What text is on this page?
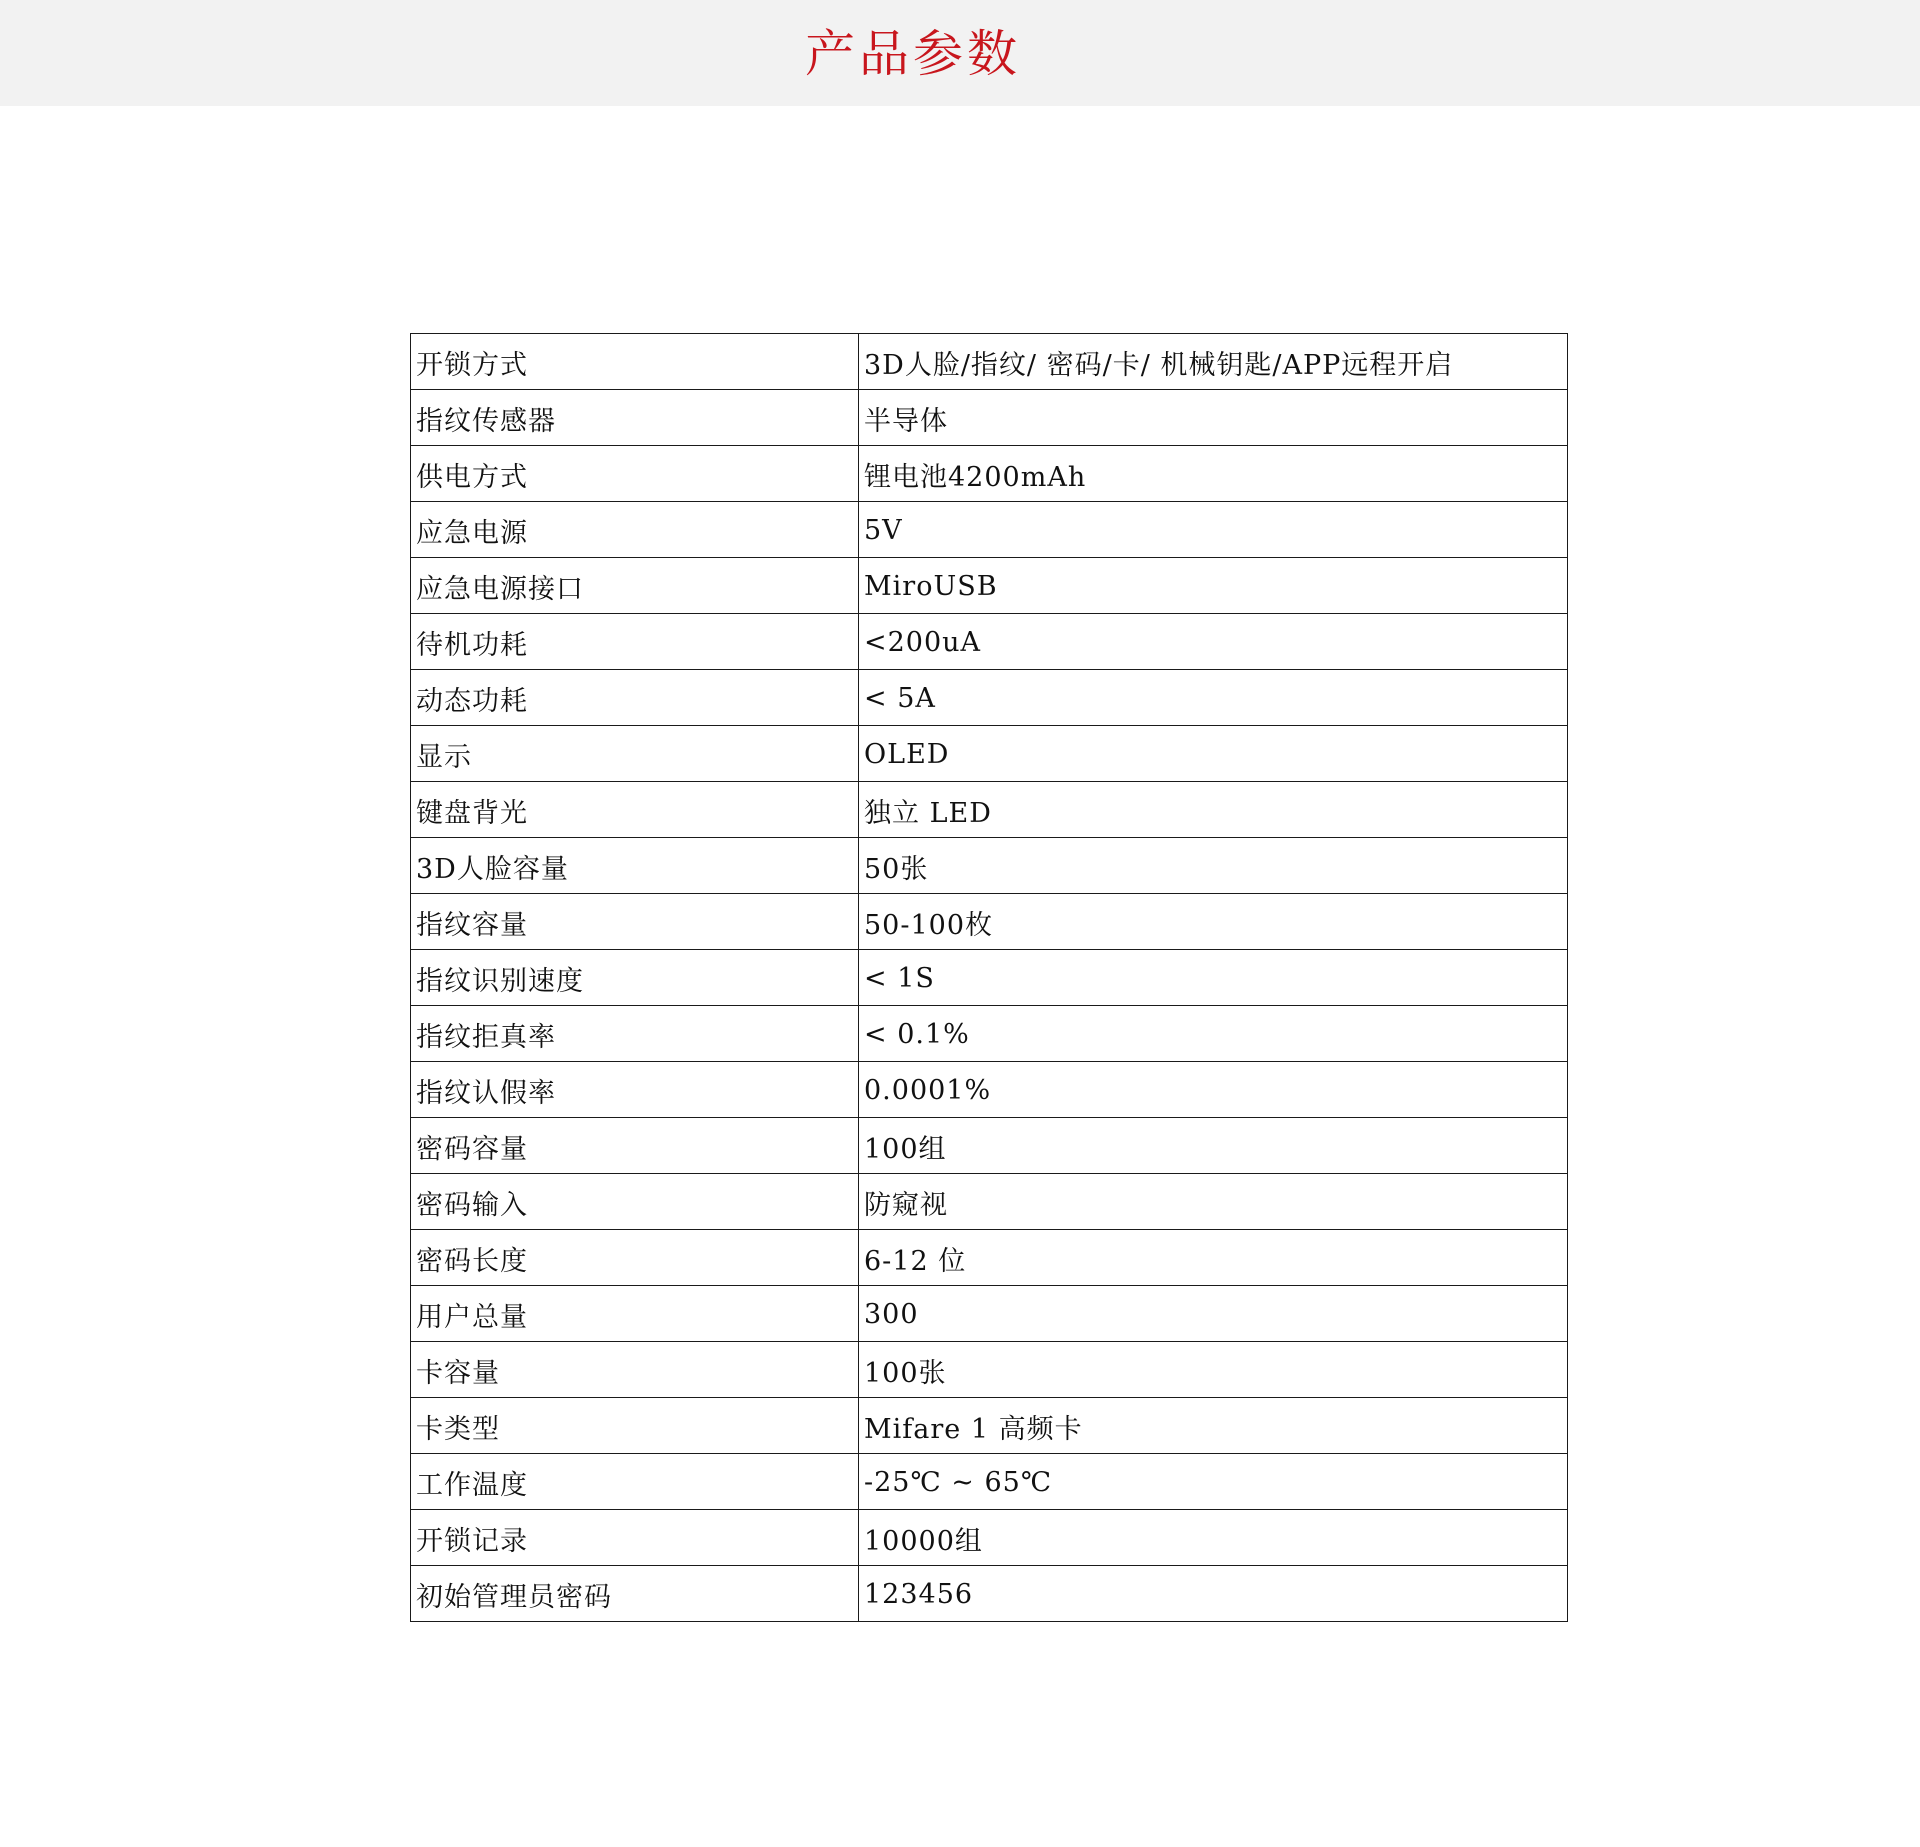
产品参数
开锁方式	3D人脸/指纹/ 密码/卡/ 机械钥匙/APP远程开启
指纹传感器	半导体
供电方式	锂电池4200mAh
应急电源	5V
应急电源接口	MiroUSB
待机功耗	<200uA
动态功耗	< 5A
显示	OLED
键盘背光	独立 LED
3D人脸容量	50张
指纹容量	50-100枚
指纹识别速度	< 1S
指纹拒真率	< 0.1%
指纹认假率	0.0001%
密码容量	100组
密码输入	防窥视
密码长度	6-12 位
用户总量	300
卡容量	100张
卡类型	Mifare 1 高频卡
工作温度	-25℃ ~ 65℃
开锁记录	10000组
初始管理员密码	123456
